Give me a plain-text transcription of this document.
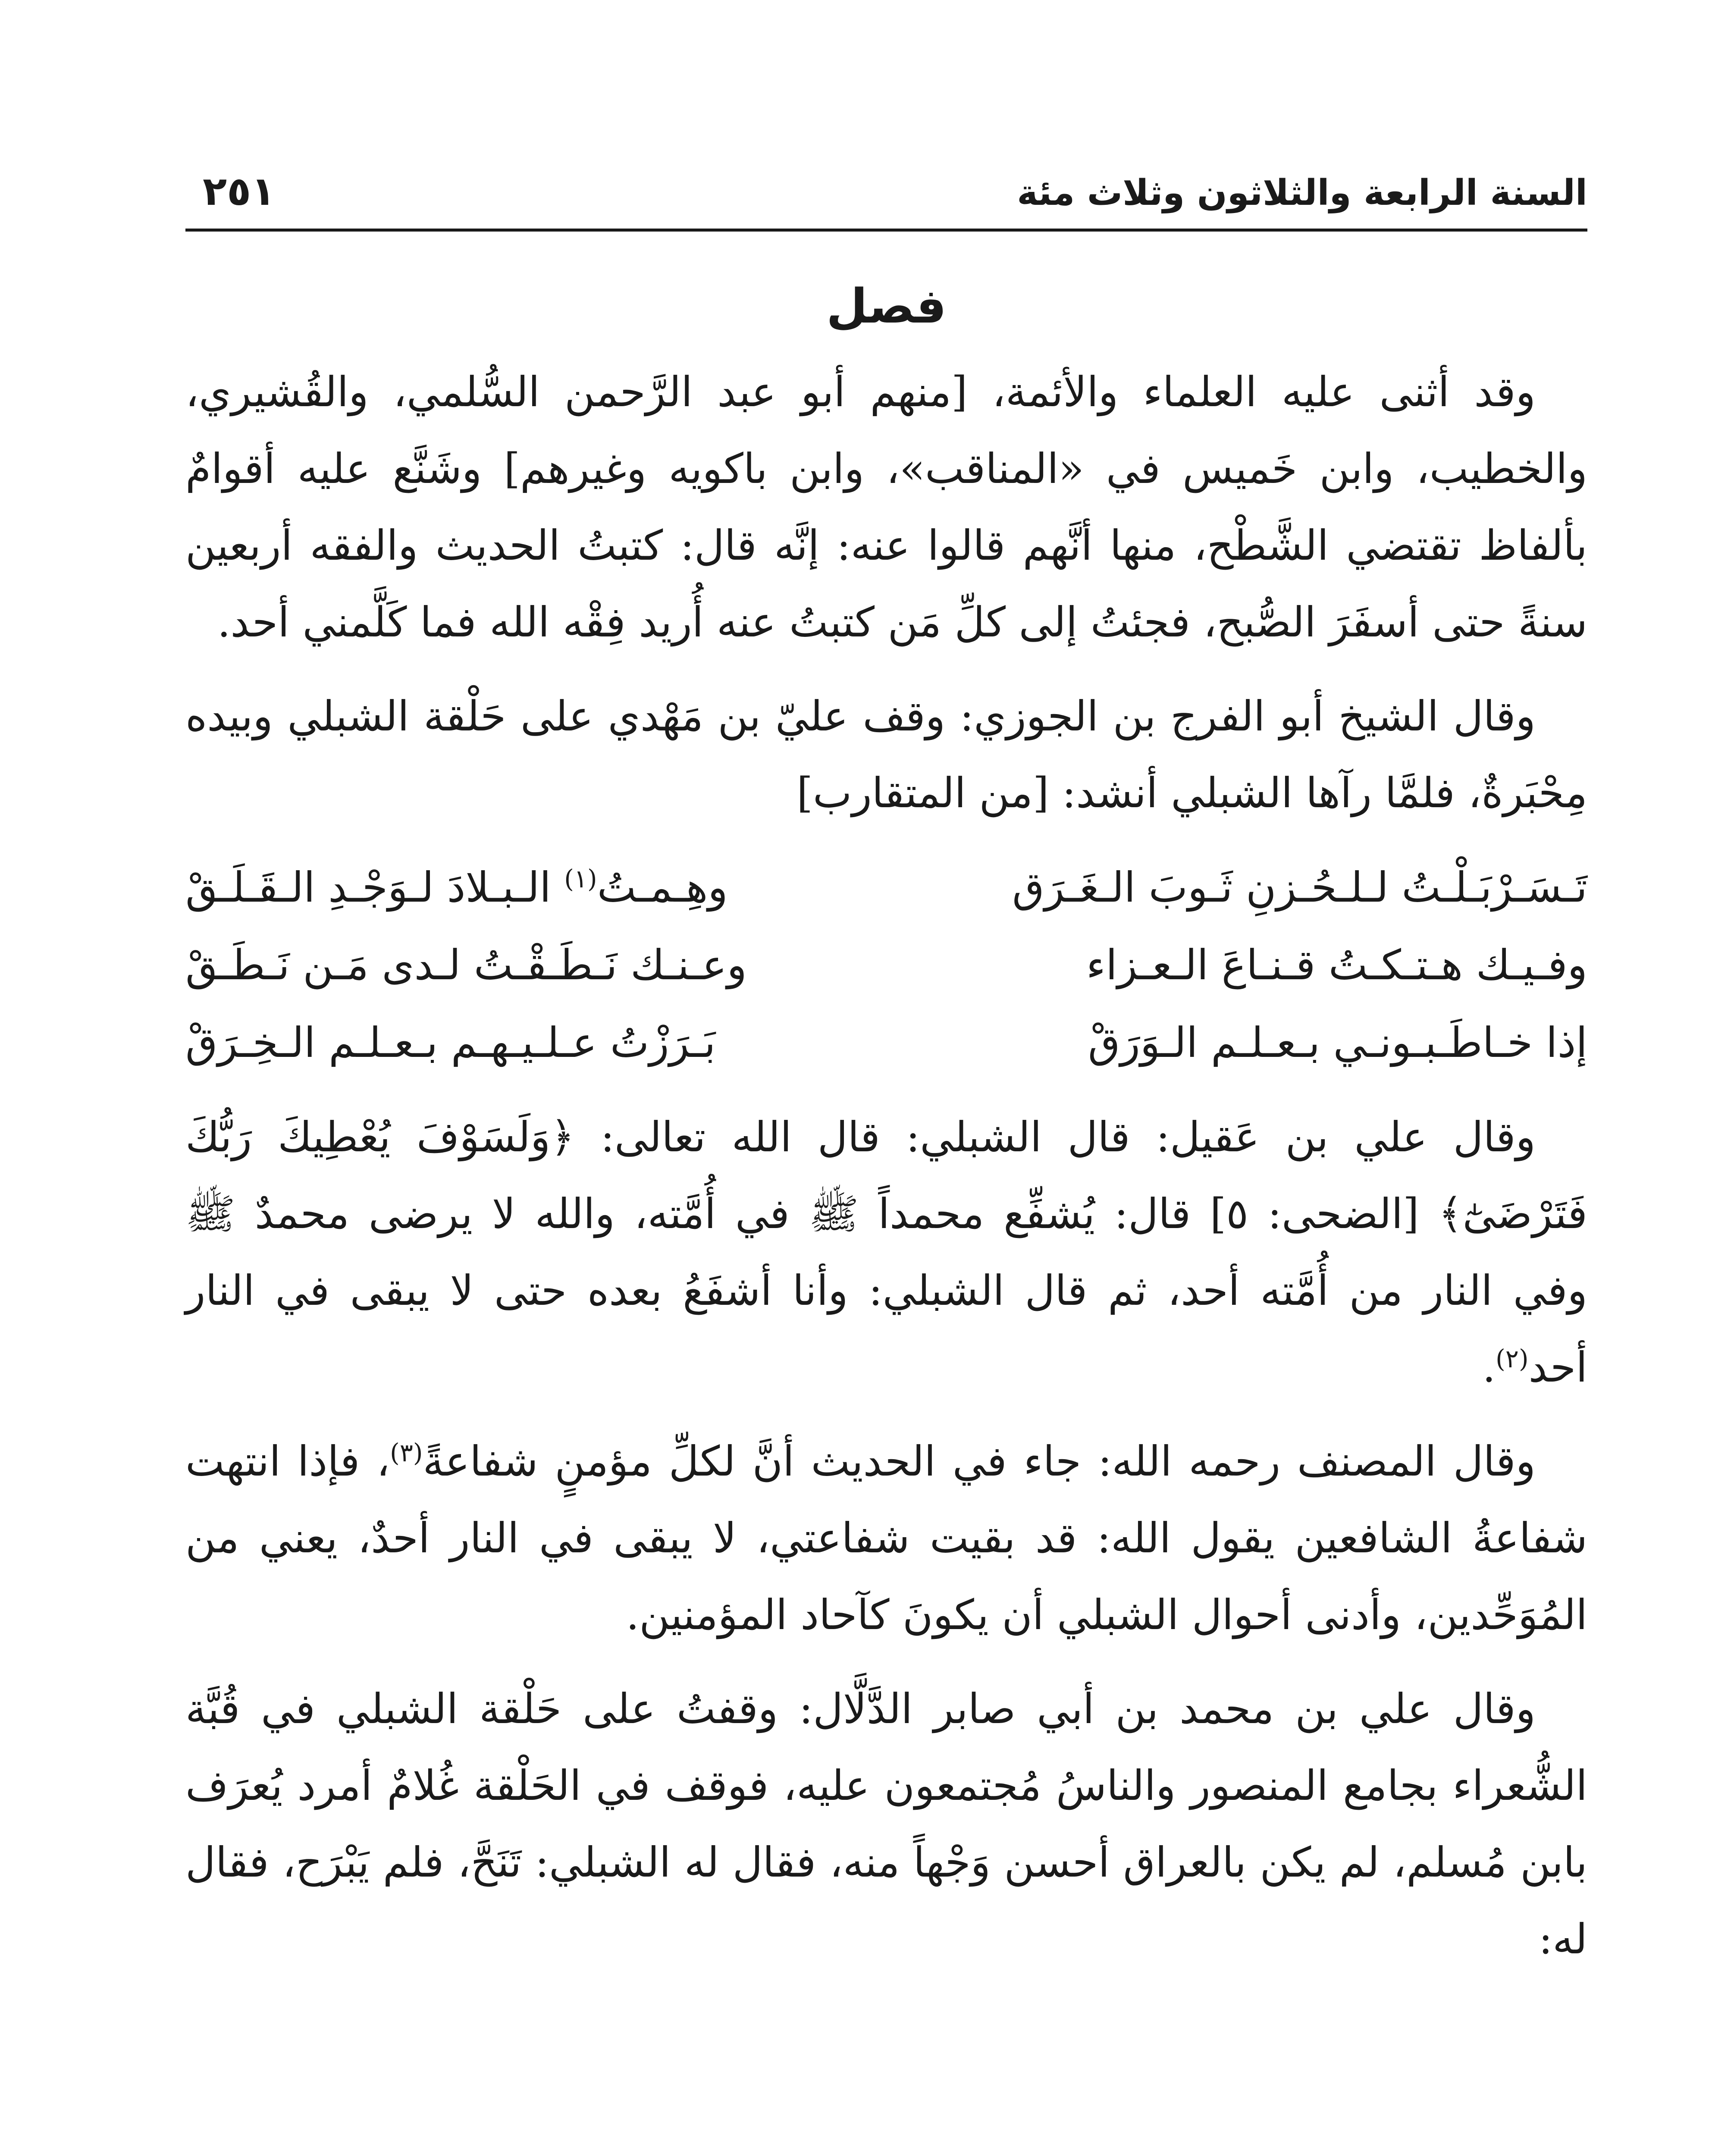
السنة الرابعة والثلاثون وثلاث مئة
٢٥١
فصل

وقد أثنى عليه العلماء والأئمة، [منهم أبو عبد الرَّحمن السُّلمي، والقُشيري، والخطيب، وابن خَميس في «المناقب»، وابن باكويه وغيرهم] وشَنَّع عليه أقوامٌ بألفاظ تقتضي الشَّطْح، منها أنَّهم قالوا عنه: إنَّه قال: كتبتُ الحديث والفقه أربعين سنةً حتى أسفَرَ الصُّبح، فجئتُ إلى كلِّ مَن كتبتُ عنه أُريد فِقْه الله فما كَلَّمني أحد.

وقال الشيخ أبو الفرج بن الجوزي: وقف عليّ بن مَهْدي على حَلْقة الشبلي وبيده مِحْبَرةٌ، فلمَّا رآها الشبلي أنشد: [من المتقارب]

تَـسَـرْبَـلْـتُ لـلـحُـزنِ ثَـوبَ الـغَـرَق
وهِـمـتُ$^{(١)}$ الـبـلادَ لـوَجْـدِ الـقَـلَـقْ
وفـيـك هـتـكـتُ قـنـاعَ الـعـزاء
وعـنـك نَـطَـقْـتُ لـدى مَـن نَـطَـقْ
إذا خـاطَـبـونـي بـعـلـم الـوَرَقْ
بَـرَزْتُ عـلـيـهـم بـعـلـم الـخِـرَقْ

وقال علي بن عَقيل: قال الشبلي: قال الله تعالى: ﴿وَلَسَوْفَ يُعْطِيكَ رَبُّكَ فَتَرْضَىٰٓ﴾ [الضحى: ٥] قال: يُشفِّع محمداً ﷺ في أُمَّته، والله لا يرضى محمدٌ ﷺ وفي النار من أُمَّته أحد، ثم قال الشبلي: وأنا أشفَعُ بعده حتى لا يبقى في النار أحد$^{(٢)}$.

وقال المصنف رحمه الله: جاء في الحديث أنَّ لكلِّ مؤمنٍ شفاعةً$^{(٣)}$، فإذا انتهت شفاعةُ الشافعين يقول الله: قد بقيت شفاعتي، لا يبقى في النار أحدٌ، يعني من المُوَحِّدين، وأدنى أحوال الشبلي أن يكونَ كآحاد المؤمنين.

وقال علي بن محمد بن أبي صابر الدَّلَّال: وقفتُ على حَلْقة الشبلي في قُبَّة الشُّعراء بجامع المنصور والناسُ مُجتمعون عليه، فوقف في الحَلْقة غُلامٌ أمرد يُعرَف بابن مُسلم، لم يكن بالعراق أحسن وَجْهاً منه، فقال له الشبلي: تَنَحَّ، فلم يَبْرَح، فقال له:
